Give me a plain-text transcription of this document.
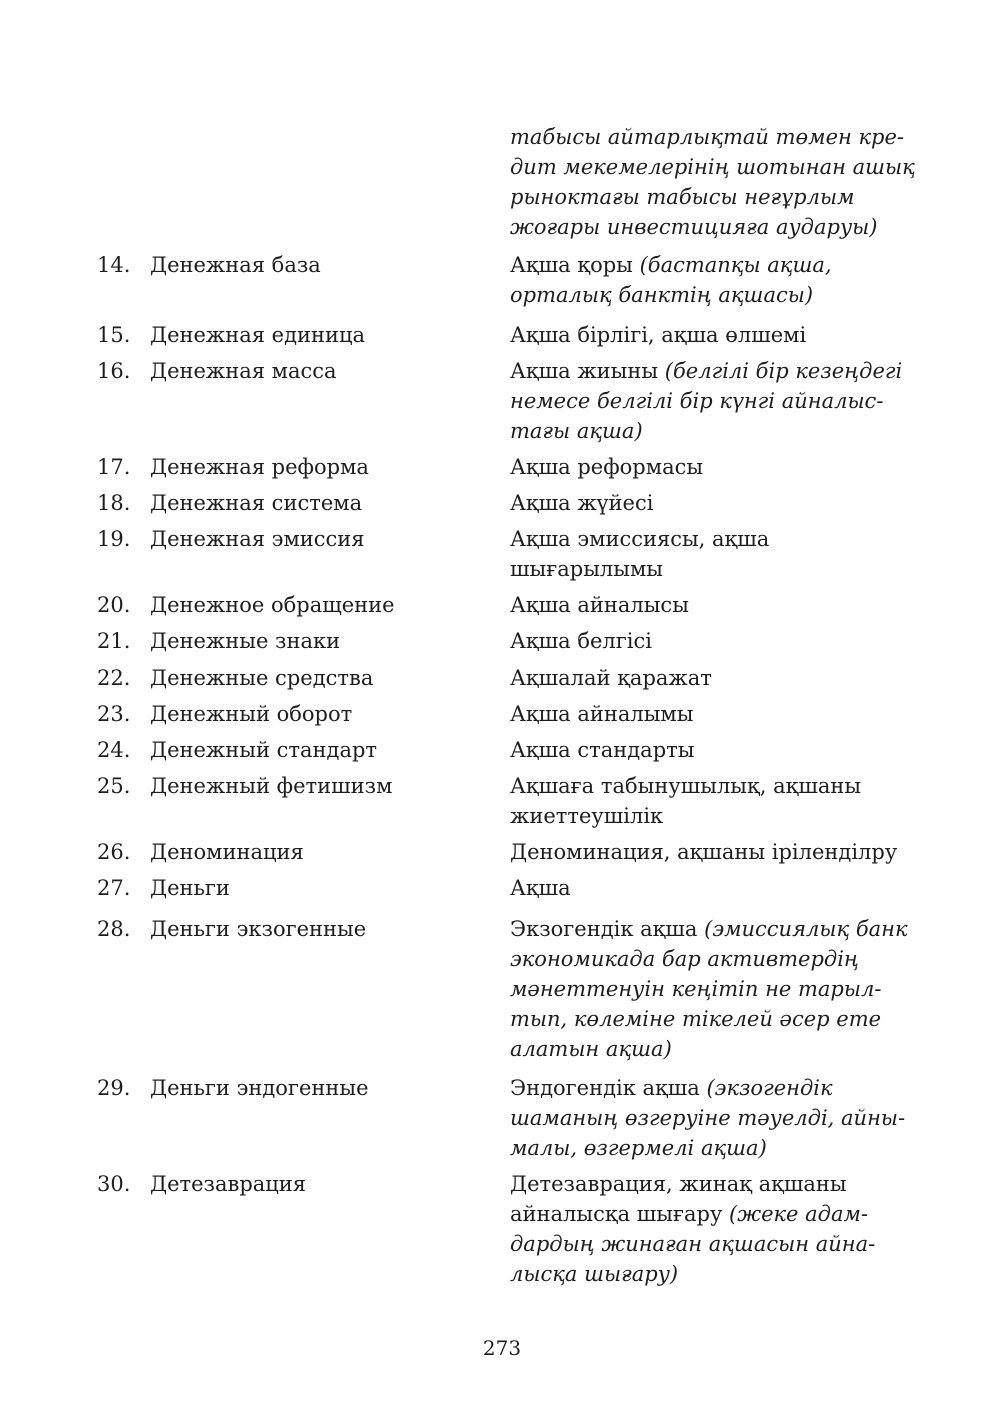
табысы айтарлықтай төмен кре-
дит мекемелерінің шотынан ашық
рыноктағы табысы неғұрлым
жоғары инвестицияға аударуы)
14. Денежная база	Ақша қоры (бастапқы ақша,
орталық банктің ақшасы)
15. Денежная единица	Ақша бірлігі, ақша өлшемі
16. Денежная масса	Ақша жиыны (белгілі бір кезеңдегі
немесе белгілі бір күнгі айналыс-
тағы ақша)
17. Денежная реформа	Ақша реформасы
18. Денежная система	Ақша жүйесі
19. Денежная эмиссия	Ақша эмиссиясы, ақша
шығарылымы
20. Денежное обращение	Ақша айналысы
21. Денежные знаки	Ақша белгісі
22. Денежные средства	Ақшалай қаражат
23. Денежный оборот	Ақша айналымы
24. Денежный стандарт	Ақша стандарты
25. Денежный фетишизм	Ақшаға табынушылық, ақшаны
жиеттеушілік
26. Деноминация	Деноминация, ақшаны іріленділру
27. Деньги	Ақша
28. Деньги экзогенные	Экзогендік ақша (эмиссиялық банк
экономикада бар активтердің
мәнеттенуін кеңітіп не тарыл-
тып, көлеміне тікелей әсер ете
алатын ақша)
29. Деньги эндогенные	Эндогендік ақша (экзогендік
шаманың өзгеруіне тәуелді, айны-
малы, өзгермелі ақша)
30. Детезаврация	Детезаврация, жинақ ақшаны
айналысқа шығару (жеке адам-
дардың жинаған ақшасын айна-
лысқа шығару)
273
